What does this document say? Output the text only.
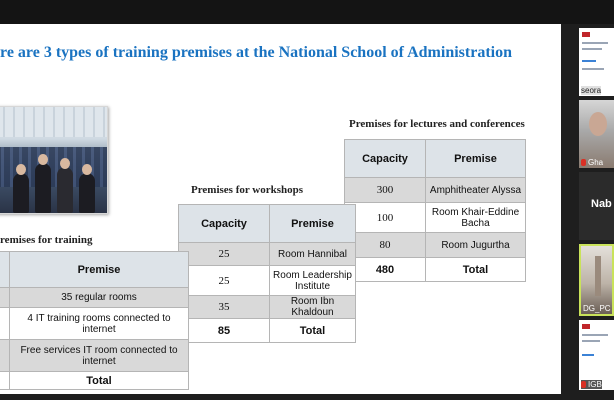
re are 3 types of training premises at the National School of Administration
Premises for lectures and conferences
Capacity	Premise
300	Amphitheater Alyssa
100	Room Khair-Eddine Bacha
80	Room Jugurtha
480	Total
Premises for workshops
Capacity	Premise
25	Room Hannibal
25	Room Leadership Institute
35	Room Ibn Khaldoun
85	Total
remises for training
	Premise
	35 regular rooms
	4 IT training rooms connected to internet
	Free services IT room connected to internet
	Total
seora
Gha
Nab
DG_PC
IGB
